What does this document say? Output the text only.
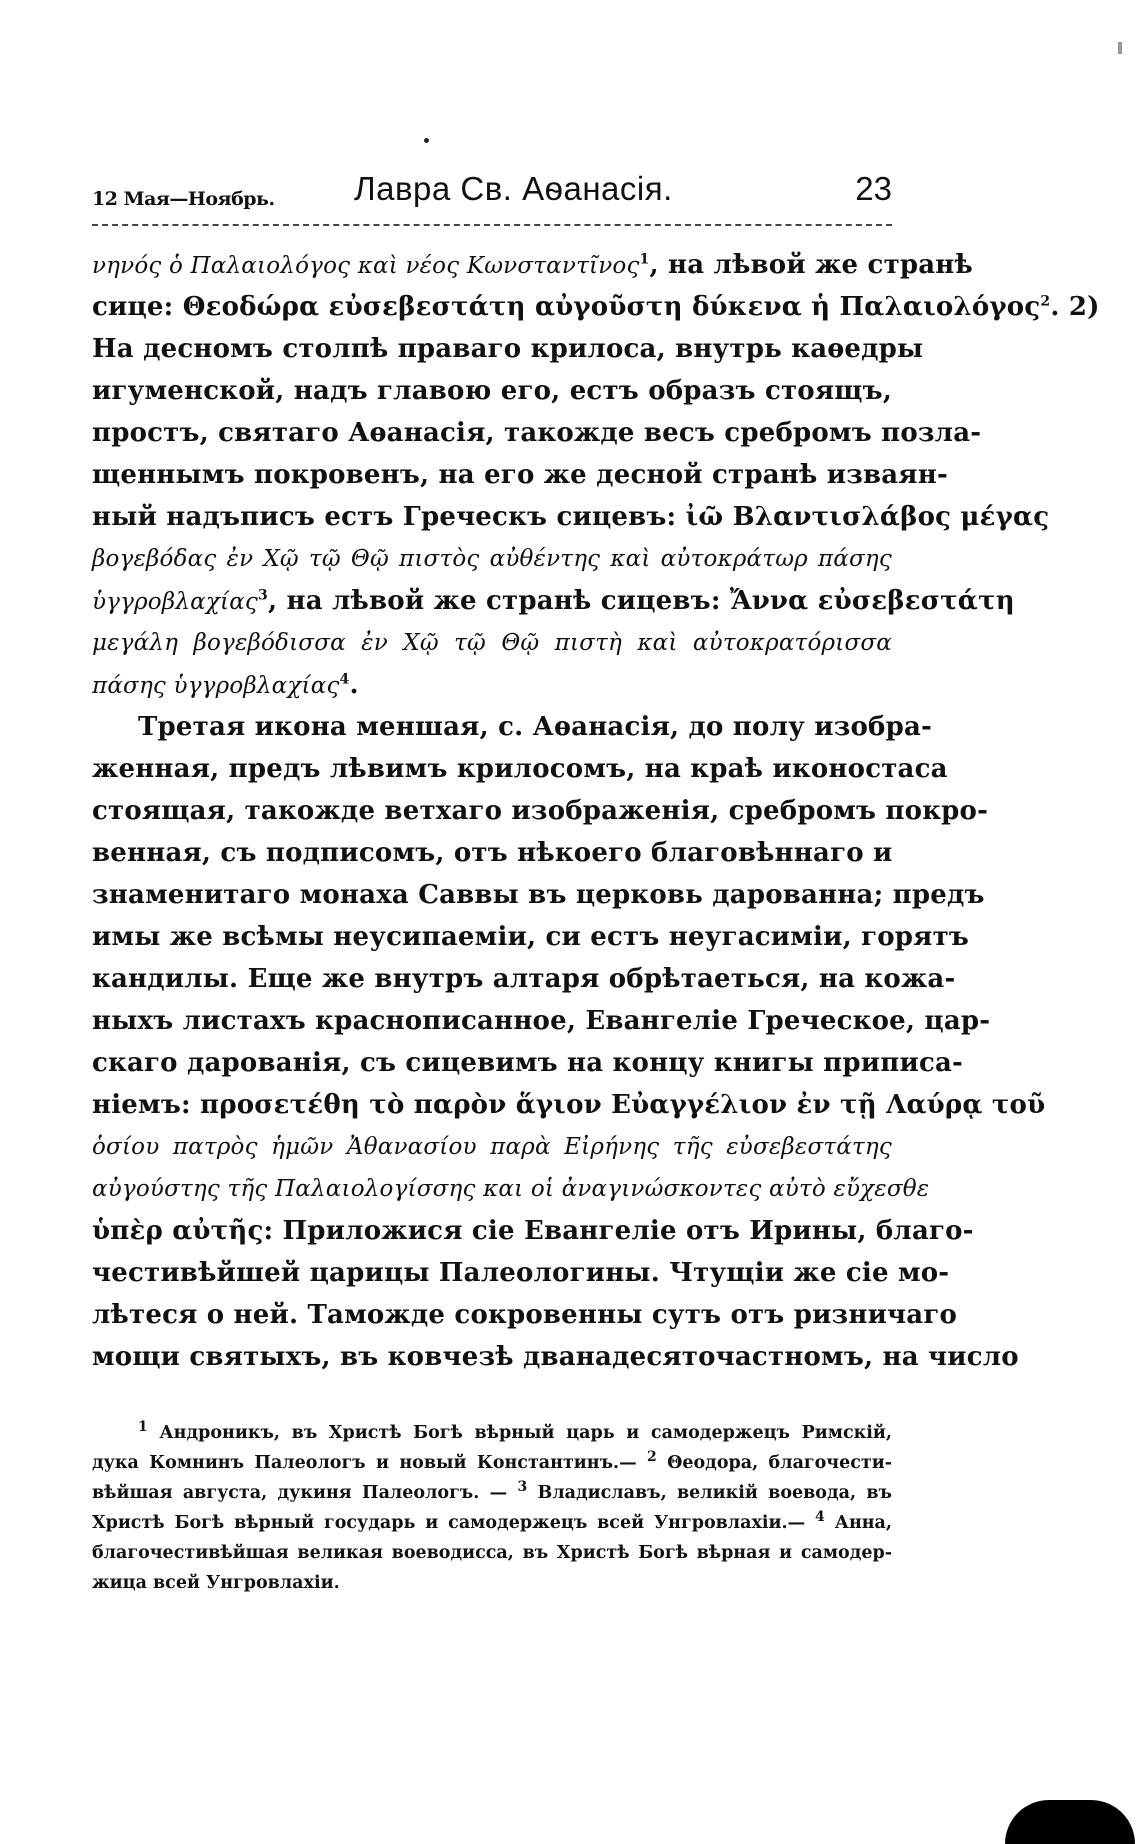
12 Мая—Ноябрь. Лавра Св. Аѳанасія.	23
νηνός ὁ Παλαιολόγος καὶ νέος Κωνσταντῖνος$^1$, на лѣвой же странѣ
сице: Θεοδώρα εὐσεβεστάτη αὐγοῦστη δύκενα ἡ Παλαιολόγος$^2$. 2)
На десномъ столпѣ праваго крилоса, внутрь каѳедры
игуменской, надъ главою его, естъ образъ стоящъ,
простъ, святаго Аѳанасія, такожде весъ сребромъ позла-
щеннымъ покровенъ, на его же десной странѣ изваян-
ный надъписъ естъ Греческъ сицевъ: ἰῶ Βλαντισλάβος μέγας
βογεβόδας ἐν Χῷ τῷ Θῷ πιστὸς αὐθέντης καὶ αὐτοκράτωρ πάσης
ὑγγροβλαχίας$^3$, на лѣвой же странѣ сицевъ: Ἄννα εὐσεβεστάτη
μεγάλη βογεβόδισσα ἐν Χῷ τῷ Θῷ πιστὴ καὶ αὐτοκρατόρισσα
πάσης ὑγγροβλαχίας$^4$.
Третая икона меншая, с. Аѳанасія, до полу изобра-
женная, предъ лѣвимъ крилосомъ, на краѣ иконостаса
стоящая, такожде ветхаго изображенія, сребромъ покро-
венная, съ подписомъ, отъ нѣкоего благовѣннаго и
знаменитаго монаха Саввы въ церковь дарованна; предъ
имы же всѣмы неусипаеміи, си естъ неугасиміи, горятъ
кандилы. Еще же внутръ алтаря обрѣтаеться, на кожа-
ныхъ листахъ краснописанное, Евангеліе Греческое, цар-
скаго дарованія, съ сицевимъ на концу книгы приписа-
ніемъ: προσετέθη τὸ παρὸν ἅγιον Εὐαγγέλιον ἐν τῇ Λαύρᾳ τοῦ
ὁσίου πατρὸς ἡμῶν Ἀθανασίου παρὰ Εἰρήνης τῆς εὐσεβεστάτης
αὐγούστης τῆς Παλαιολογίσσης και οἱ ἀναγινώσκοντες αὐτὸ εὔχεσθε
ὑπὲρ αὐτῆς: Приложися сіе Евангеліе отъ Ирины, благо-
честивѣйшей царицы Палеологины. Чтущіи же сіе мо-
лѣтеся о ней. Тамождe сокровенны сутъ отъ ризничаго
мощи святыхъ, въ ковчезѣ дванадесяточастномъ, на число
$^1$ Андроникъ, въ Христѣ Богѣ вѣрный царь и самодержецъ Римскій,
дука Комнинъ Палеологъ и новый Константинъ.— $^2$ Θеодора, благочести-
вѣйшая августа, дукиня Палеологъ. — $^3$ Владиславъ, великій воевода, въ
Христѣ Богѣ вѣрный государь и самодержецъ всей Унгровлахіи.— $^4$ Анна,
благочестивѣйшая великая воеводисса, въ Христѣ Богѣ вѣрная и самодер-
жица всей Унгровлахіи.
